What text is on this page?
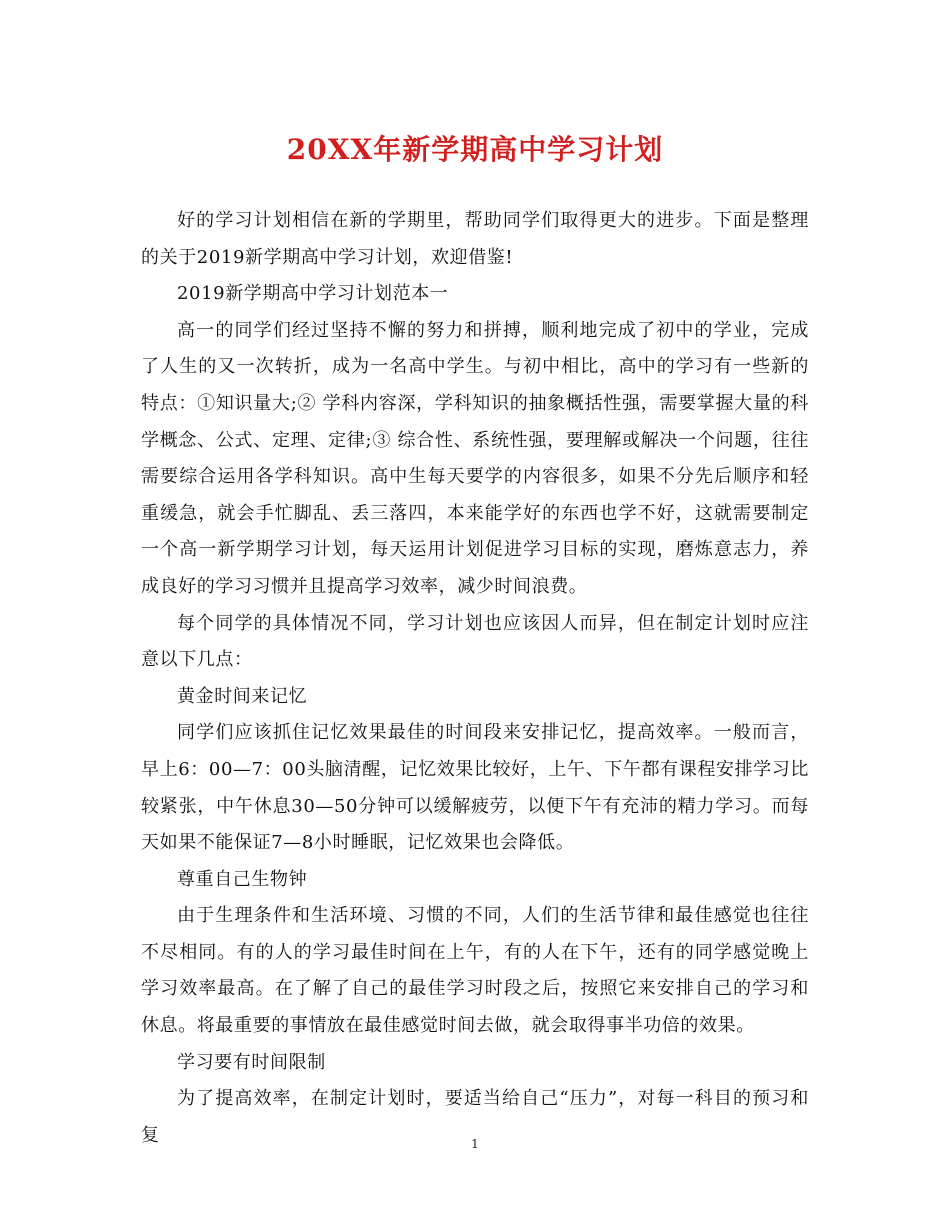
20XX年新学期高中学习计划

好的学习计划相信在新的学期里，帮助同学们取得更大的进步。下面是整理的关于2019新学期高中学习计划，欢迎借鉴!

2019新学期高中学习计划范本一

高一的同学们经过坚持不懈的努力和拼搏，顺利地完成了初中的学业，完成了人生的又一次转折，成为一名高中学生。与初中相比，高中的学习有一些新的特点：①知识量大;② 学科内容深，学科知识的抽象概括性强，需要掌握大量的科学概念、公式、定理、定律;③ 综合性、系统性强，要理解或解决一个问题，往往需要综合运用各学科知识。高中生每天要学的内容很多，如果不分先后顺序和轻重缓急，就会手忙脚乱、丢三落四，本来能学好的东西也学不好，这就需要制定一个高一新学期学习计划，每天运用计划促进学习目标的实现，磨炼意志力，养成良好的学习习惯并且提高学习效率，减少时间浪费。

每个同学的具体情况不同，学习计划也应该因人而异，但在制定计划时应注意以下几点：

黄金时间来记忆

同学们应该抓住记忆效果最佳的时间段来安排记忆，提高效率。一般而言，早上6：00—7：00头脑清醒，记忆效果比较好，上午、下午都有课程安排学习比较紧张，中午休息30—50分钟可以缓解疲劳，以便下午有充沛的精力学习。而每天如果不能保证7—8小时睡眠，记忆效果也会降低。

尊重自己生物钟

由于生理条件和生活环境、习惯的不同，人们的生活节律和最佳感觉也往往不尽相同。有的人的学习最佳时间在上午，有的人在下午，还有的同学感觉晚上学习效率最高。在了解了自己的最佳学习时段之后，按照它来安排自己的学习和休息。将最重要的事情放在最佳感觉时间去做，就会取得事半功倍的效果。

学习要有时间限制

为了提高效率，在制定计划时，要适当给自己“压力”，对每一科目的预习和复	1
